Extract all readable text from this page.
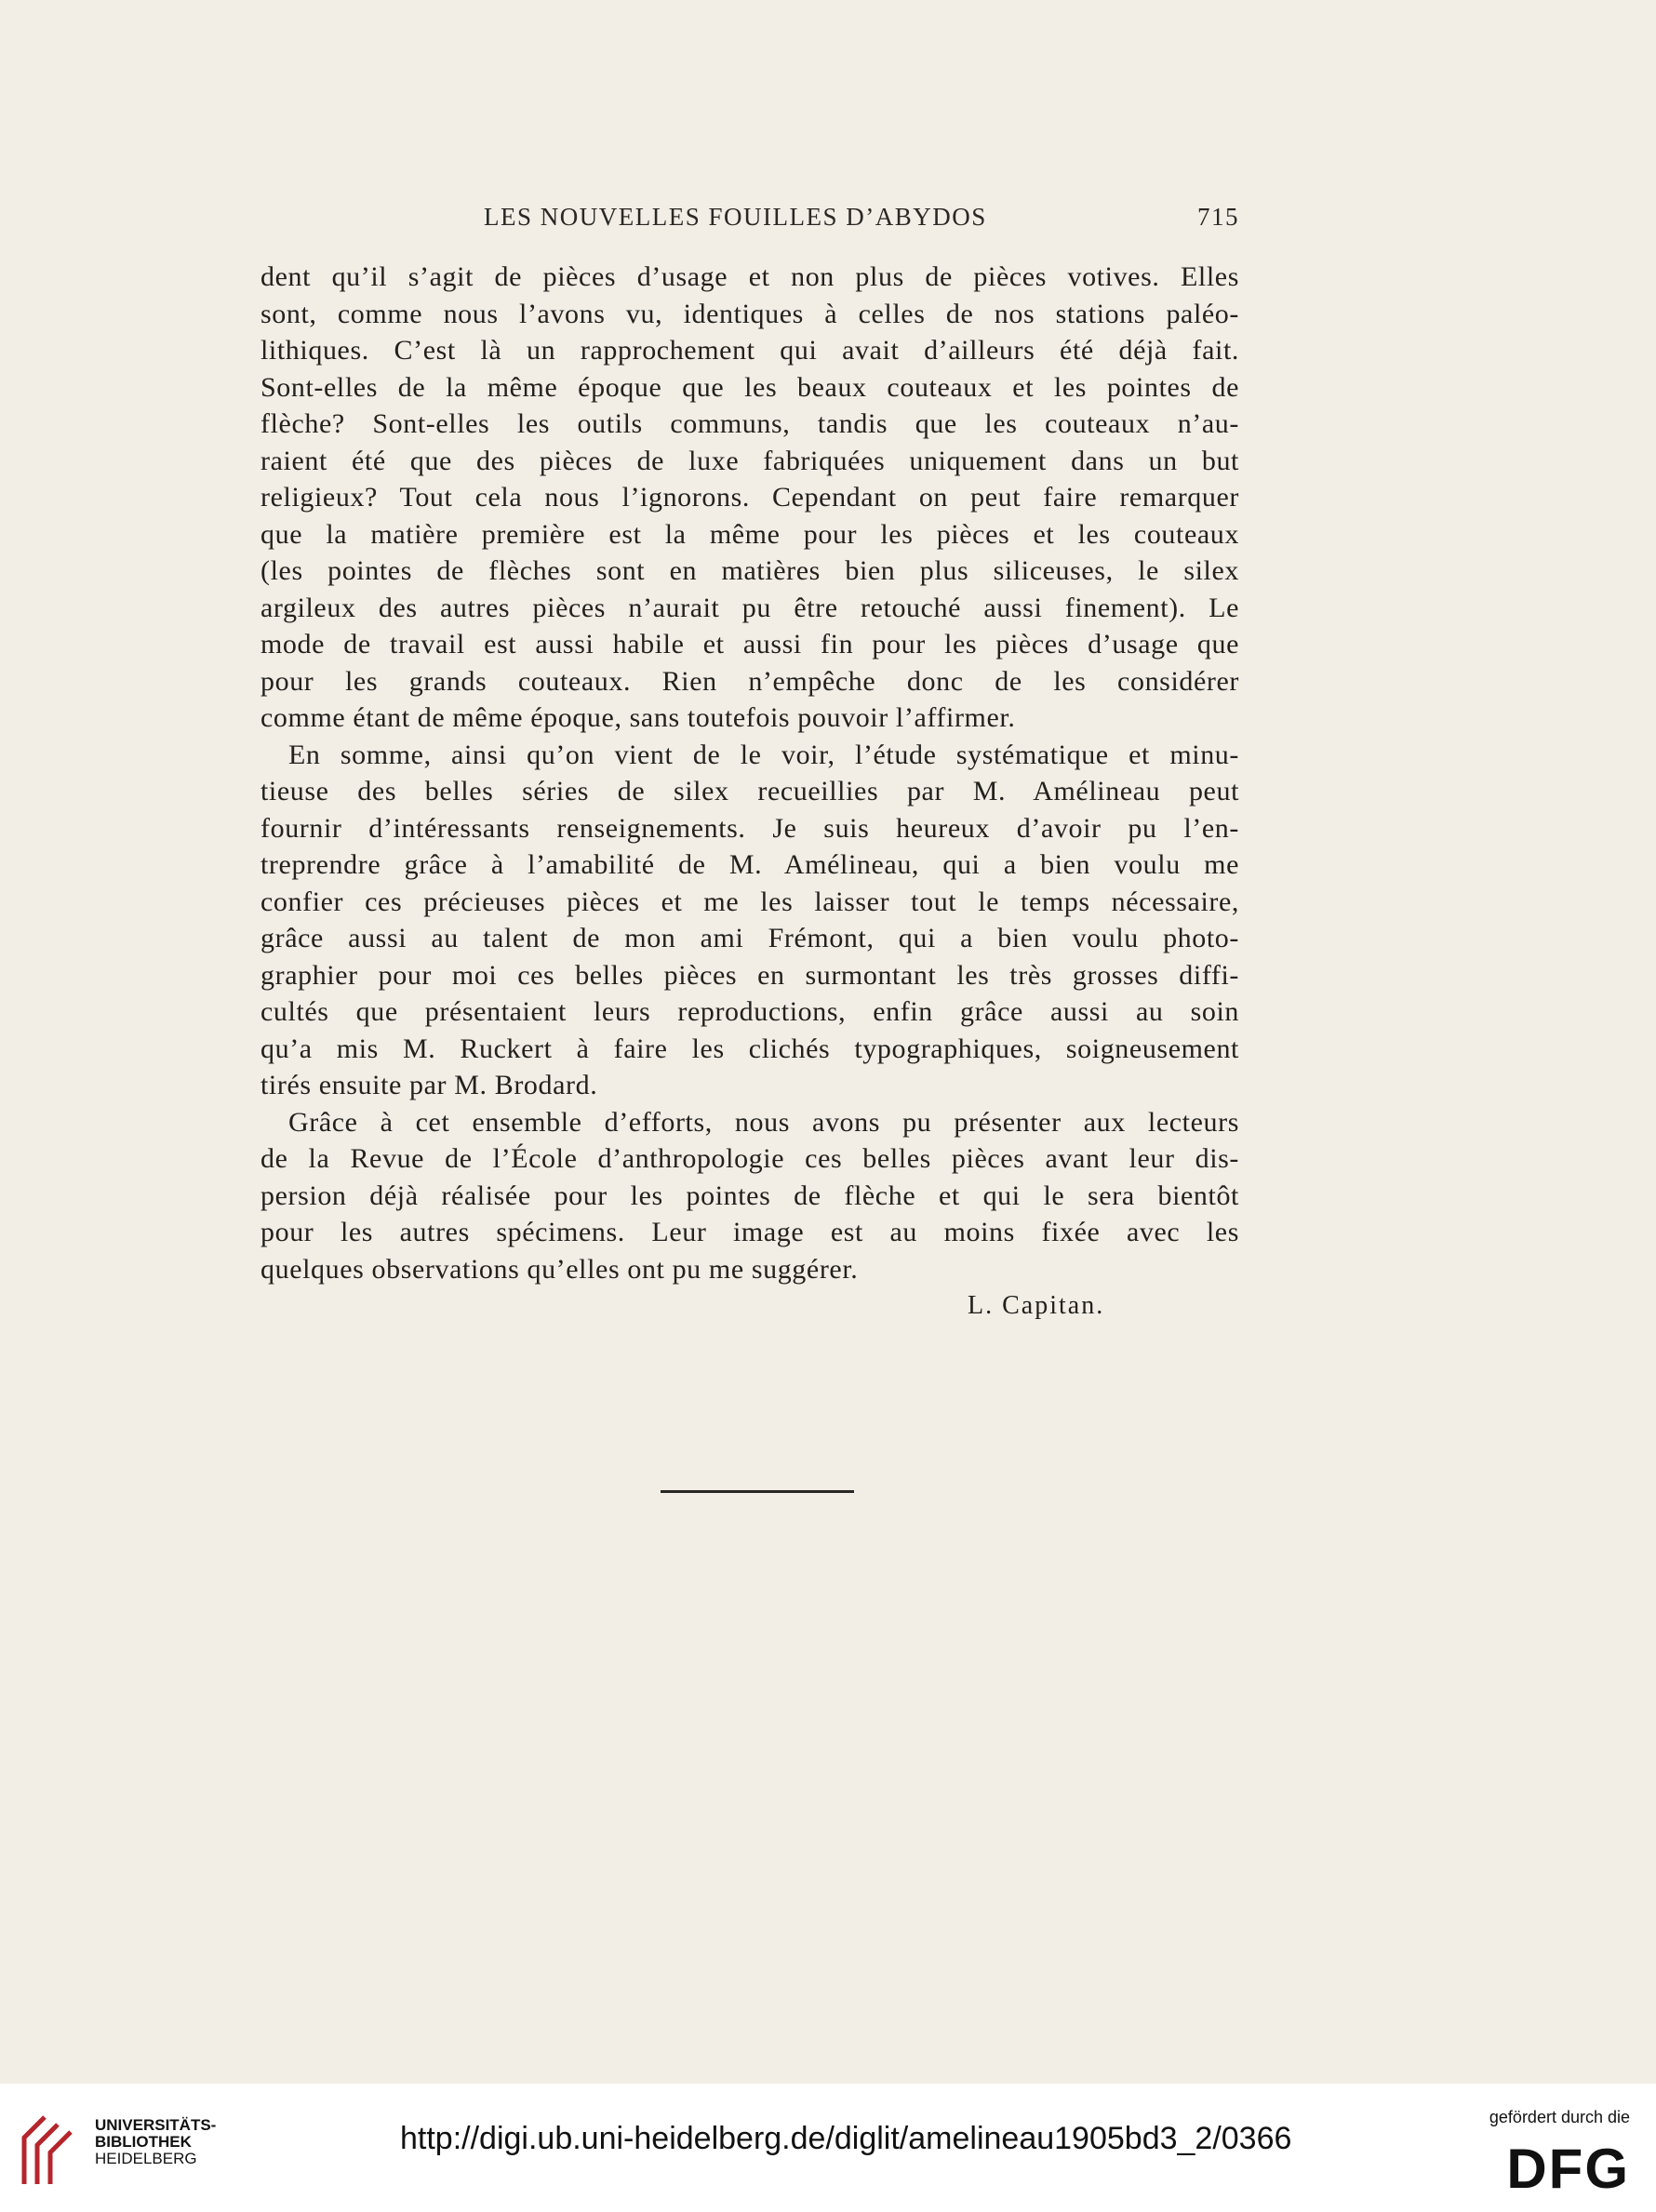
LES NOUVELLES FOUILLES D’ABYDOS	715
dent qu’il s’agit de pièces d’usage et non plus de pièces votives. Elles
sont, comme nous l’avons vu, identiques à celles de nos stations paléo-
lithiques. C’est là un rapprochement qui avait d’ailleurs été déjà fait.
Sont-elles de la même époque que les beaux couteaux et les pointes de
flèche? Sont-elles les outils communs, tandis que les couteaux n’au-
raient été que des pièces de luxe fabriquées uniquement dans un but
religieux? Tout cela nous l’ignorons. Cependant on peut faire remarquer
que la matière première est la même pour les pièces et les couteaux
(les pointes de flèches sont en matières bien plus siliceuses, le silex
argileux des autres pièces n’aurait pu être retouché aussi finement). Le
mode de travail est aussi habile et aussi fin pour les pièces d’usage que
pour les grands couteaux. Rien n’empêche donc de les considérer
comme étant de même époque, sans toutefois pouvoir l’affirmer.
En somme, ainsi qu’on vient de le voir, l’étude systématique et minu-
tieuse des belles séries de silex recueillies par M. Amélineau peut
fournir d’intéressants renseignements. Je suis heureux d’avoir pu l’en-
treprendre grâce à l’amabilité de M. Amélineau, qui a bien voulu me
confier ces précieuses pièces et me les laisser tout le temps nécessaire,
grâce aussi au talent de mon ami Frémont, qui a bien voulu photo-
graphier pour moi ces belles pièces en surmontant les très grosses diffi-
cultés que présentaient leurs reproductions, enfin grâce aussi au soin
qu’a mis M. Ruckert à faire les clichés typographiques, soigneusement
tirés ensuite par M. Brodard.
Grâce à cet ensemble d’efforts, nous avons pu présenter aux lecteurs
de la Revue de l’École d’anthropologie ces belles pièces avant leur dis-
persion déjà réalisée pour les pointes de flèche et qui le sera bientôt
pour les autres spécimens. Leur image est au moins fixée avec les
quelques observations qu’elles ont pu me suggérer.
L. Capitan.
UNIVERSITÄTS-
BIBLIOTHEK
HEIDELBERG
http://digi.ub.uni-heidelberg.de/diglit/amelineau1905bd3_2/0366
gefördert durch die
DFG
